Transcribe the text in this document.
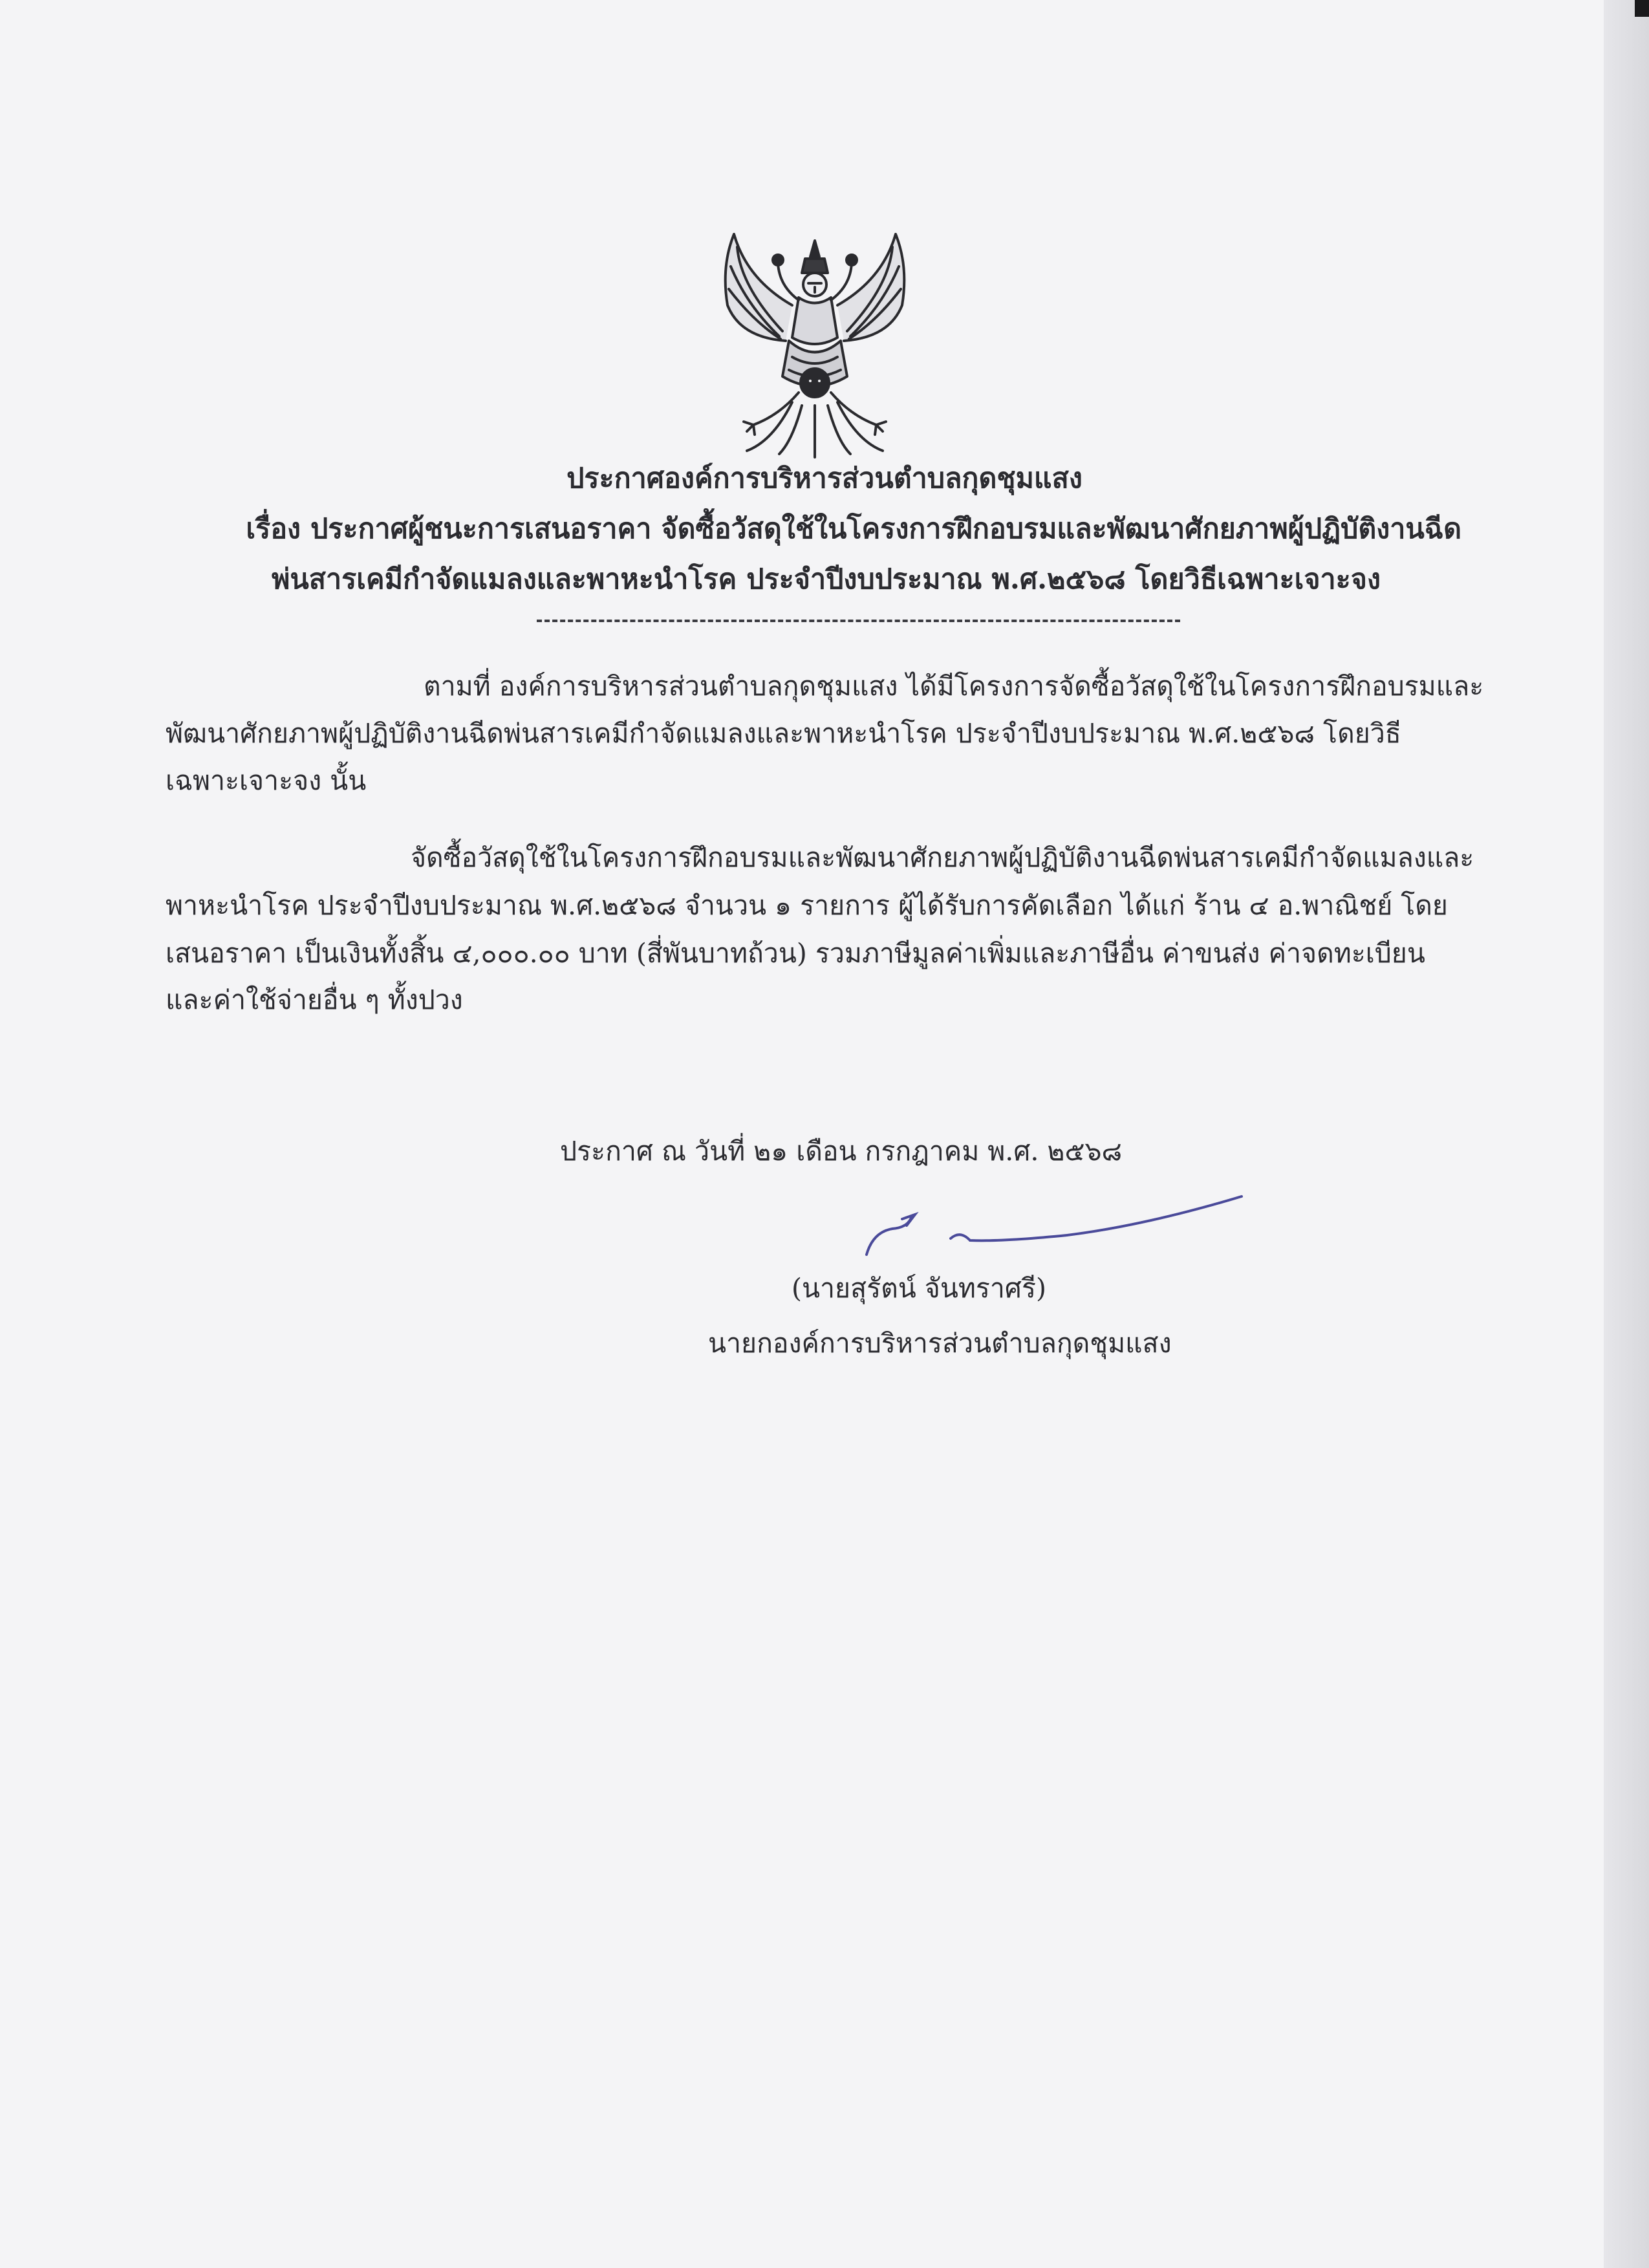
ประกาศองค์การบริหารส่วนตำบลกุดชุมแสง
เรื่อง ประกาศผู้ชนะการเสนอราคา จัดซื้อวัสดุใช้ในโครงการฝึกอบรมและพัฒนาศักยภาพผู้ปฏิบัติงานฉีด
พ่นสารเคมีกำจัดแมลงและพาหะนำโรค ประจำปีงบประมาณ พ.ศ.๒๕๖๘ โดยวิธีเฉพาะเจาะจง
ตามที่ องค์การบริหารส่วนตำบลกุดชุมแสง ได้มีโครงการจัดซื้อวัสดุใช้ในโครงการฝึกอบรมและ
พัฒนาศักยภาพผู้ปฏิบัติงานฉีดพ่นสารเคมีกำจัดแมลงและพาหะนำโรค ประจำปีงบประมาณ พ.ศ.๒๕๖๘ โดยวิธี
เฉพาะเจาะจง นั้น
จัดซื้อวัสดุใช้ในโครงการฝึกอบรมและพัฒนาศักยภาพผู้ปฏิบัติงานฉีดพ่นสารเคมีกำจัดแมลงและ
พาหะนำโรค ประจำปีงบประมาณ พ.ศ.๒๕๖๘ จำนวน ๑ รายการ ผู้ได้รับการคัดเลือก ได้แก่ ร้าน ๔ อ.พาณิชย์ โดย
เสนอราคา เป็นเงินทั้งสิ้น ๔,๐๐๐.๐๐ บาท (สี่พันบาทถ้วน) รวมภาษีมูลค่าเพิ่มและภาษีอื่น ค่าขนส่ง ค่าจดทะเบียน
และค่าใช้จ่ายอื่น ๆ ทั้งปวง
ประกาศ ณ วันที่ ๒๑ เดือน กรกฎาคม พ.ศ. ๒๕๖๘
(นายสุรัตน์ จันทราศรี)
นายกองค์การบริหารส่วนตำบลกุดชุมแสง
